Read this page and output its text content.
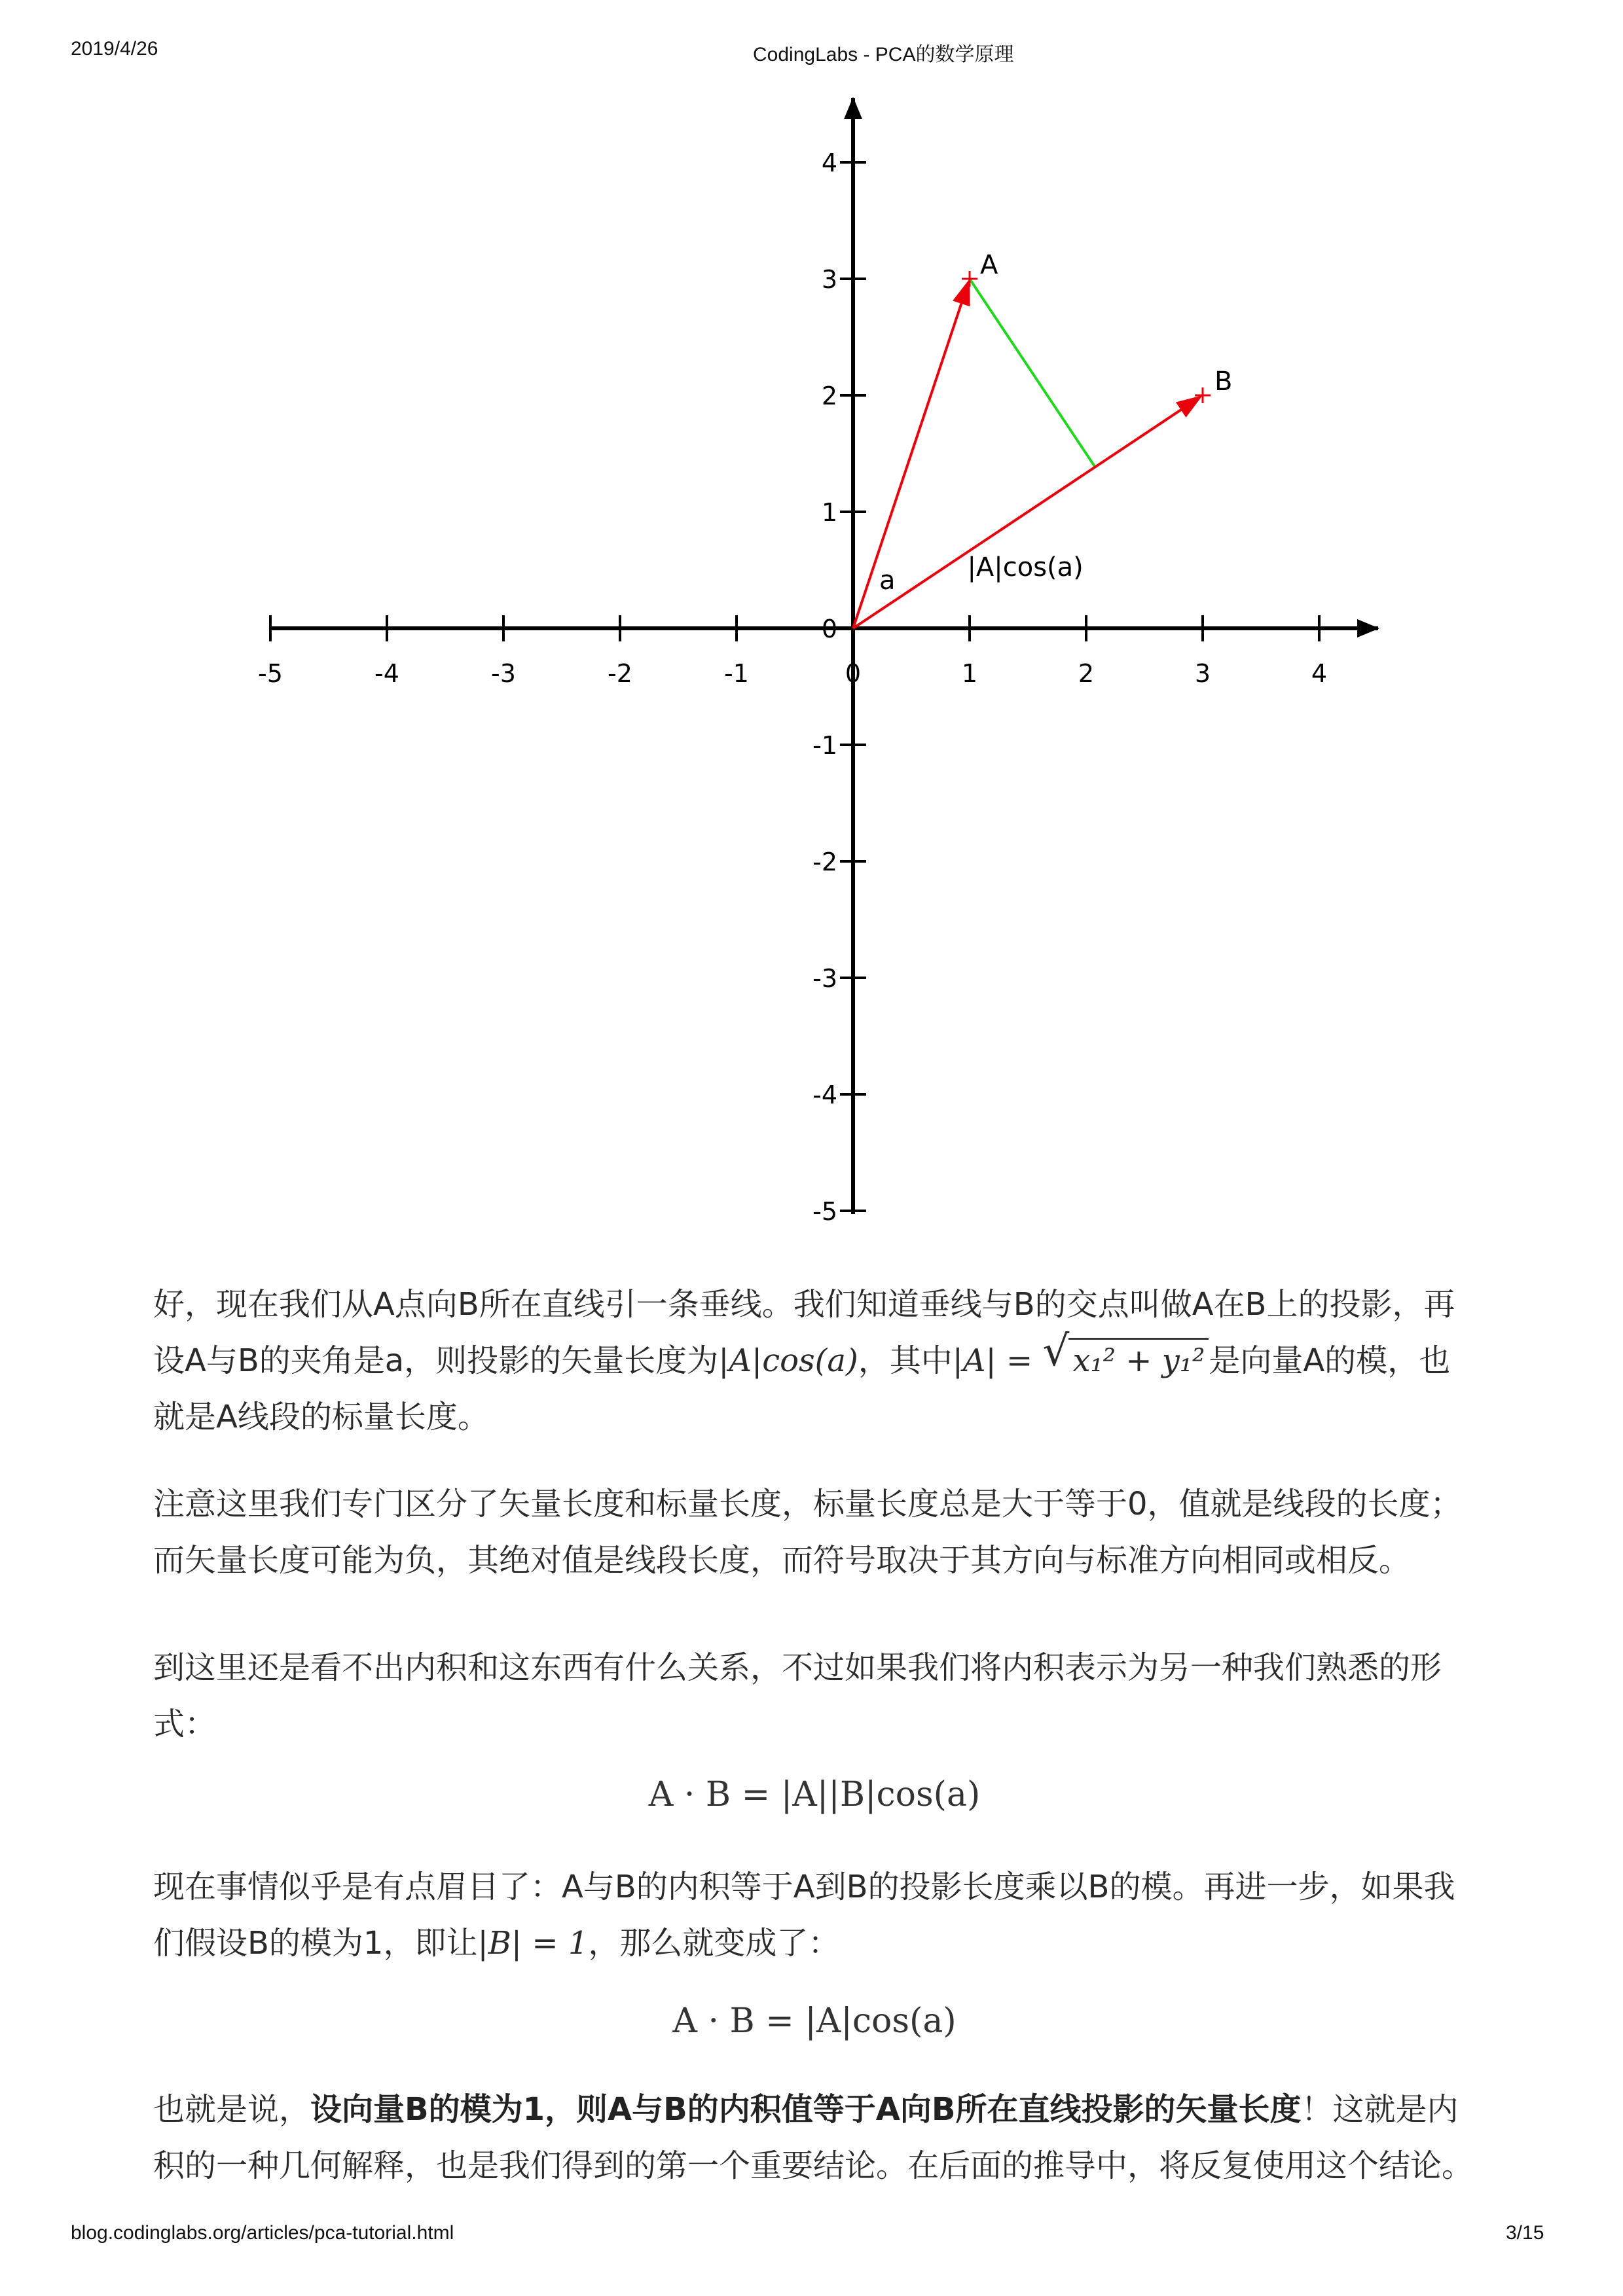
2019/4/26	CodingLabs - PCA的数学原理
-5	-4	-3	-2	-1	0	1	2	3	4
4
3
2
1
0
-1
-2
-3
-4
-5
A
B
a	|A|cos(a)
好，现在我们从A点向B所在直线引一条垂线。我们知道垂线与B的交点叫做A在B上的投影，再设A与B的夹角是a，则投影的矢量长度为|A|cos(a)，其中|A| = √ x₁² + y₁² 是向量A的模，也就是A线段的标量长度。
注意这里我们专门区分了矢量长度和标量长度，标量长度总是大于等于0，值就是线段的长度；而矢量长度可能为负，其绝对值是线段长度，而符号取决于其方向与标准方向相同或相反。
到这里还是看不出内积和这东西有什么关系，不过如果我们将内积表示为另一种我们熟悉的形式：
A · B = |A||B|cos(a)
现在事情似乎是有点眉目了：A与B的内积等于A到B的投影长度乘以B的模。再进一步，如果我们假设B的模为1，即让|B| = 1，那么就变成了：
A · B = |A|cos(a)
也就是说，设向量B的模为1，则A与B的内积值等于A向B所在直线投影的矢量长度！这就是内积的一种几何解释，也是我们得到的第一个重要结论。在后面的推导中，将反复使用这个结论。
blog.codinglabs.org/articles/pca-tutorial.html	3/15
